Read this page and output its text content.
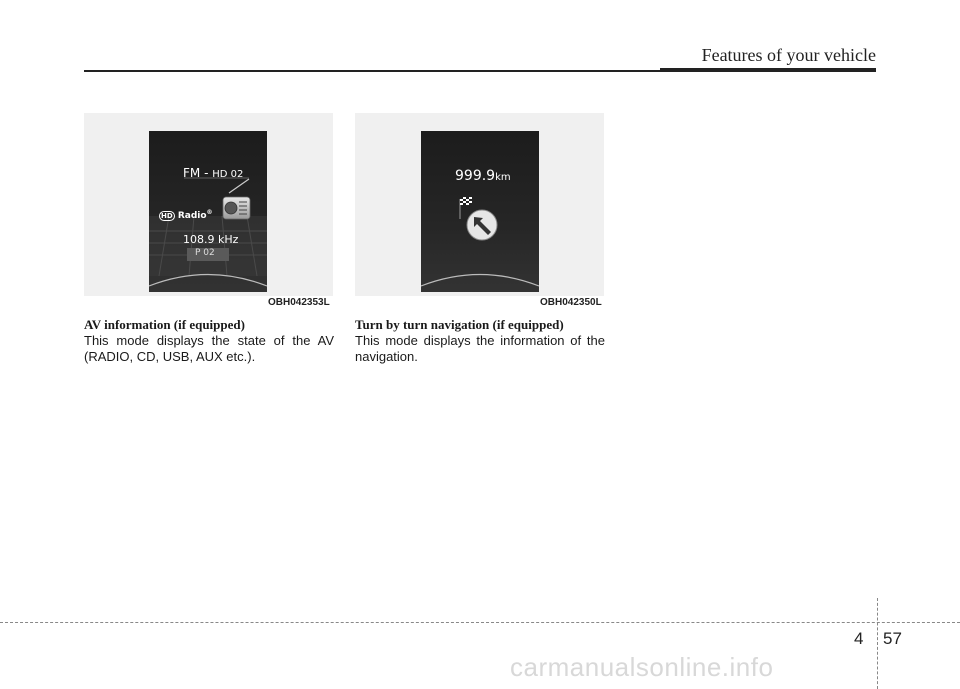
Features of your vehicle
FM - HD 02
HD Radio®
108.9 kHz
P 02
OBH042353L
999.9km
OBH042350L
AV information (if equipped)
This mode displays the state of the AV (RADIO, CD, USB, AUX etc.).
Turn by turn navigation (if equipped)
This mode displays the information of the navigation.
4 57
carmanualsonline.info
